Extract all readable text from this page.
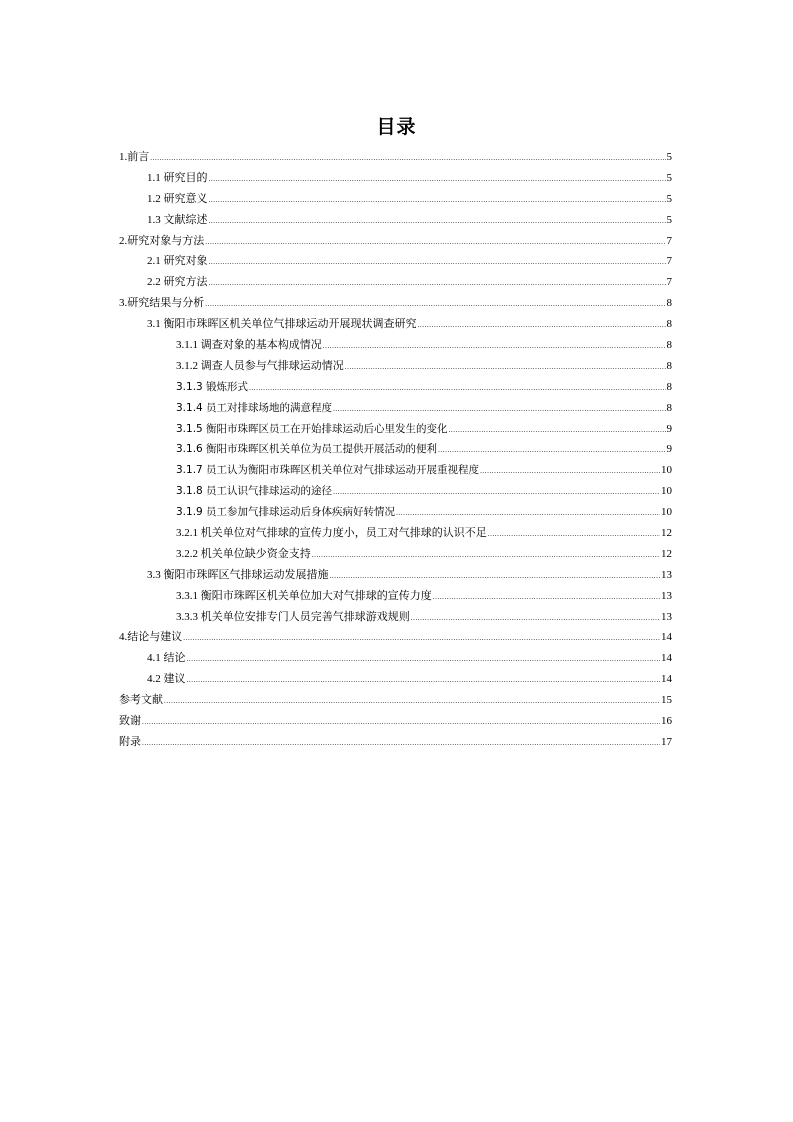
目录
1.前言 .....	5
1.1 研究目的 .....	5
1.2 研究意义 .....	5
1.3 文献综述 .....	5
2.研究对象与方法 .....	7
2.1 研究对象 .....	7
2.2 研究方法 .....	7
3.研究结果与分析 .....	8
3.1 衡阳市珠晖区机关单位气排球运动开展现状调查研究 .....	8
3.1.1 调查对象的基本构成情况 .....	8
3.1.2 调查人员参与气排球运动情况 .....	8
3.1.3 锻炼形式 .....	8
3.1.4 员工对排球场地的满意程度 .....	8
3.1.5 衡阳市珠晖区员工在开始排球运动后心里发生的变化 .....	9
3.1.6 衡阳市珠晖区机关单位为员工提供开展活动的便利 .....	9
3.1.7 员工认为衡阳市珠晖区机关单位对气排球运动开展重视程度 .....	10
3.1.8 员工认识气排球运动的途径 .....	10
3.1.9 员工参加气排球运动后身体疾病好转情况 .....	10
3.2.1 机关单位对气排球的宣传力度小，员工对气排球的认识不足 .....	12
3.2.2 机关单位缺少资金支持 .....	12
3.3 衡阳市珠晖区气排球运动发展措施 .....	13
3.3.1 衡阳市珠晖区机关单位加大对气排球的宣传力度 .....	13
3.3.3 机关单位安排专门人员完善气排球游戏规则 .....	13
4.结论与建议 .....	14
4.1 结论 .....	14
4.2 建议 .....	14
参考文献 .....	15
致谢 .....	16
附录 .....	17
